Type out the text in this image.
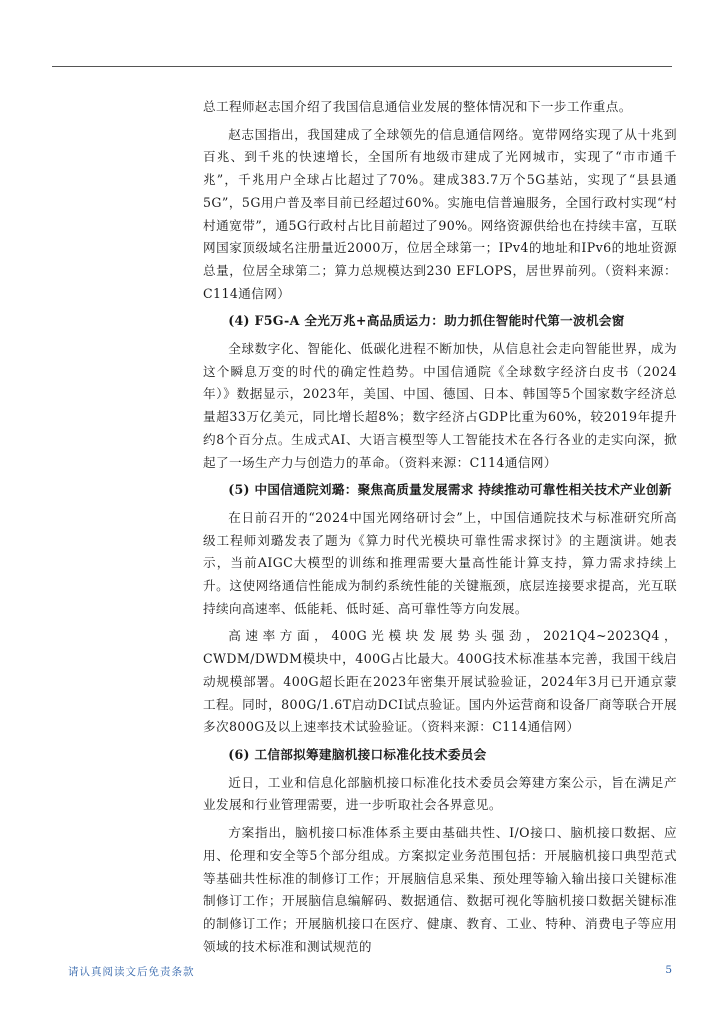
总工程师赵志国介绍了我国信息通信业发展的整体情况和下一步工作重点。

赵志国指出，我国建成了全球领先的信息通信网络。宽带网络实现了从十兆到百兆、到千兆的快速增长，全国所有地级市建成了光网城市，实现了“市市通千兆”，千兆用户全球占比超过了70%。建成383.7万个5G基站，实现了“县县通5G”，5G用户普及率目前已经超过60%。实施电信普遍服务，全国行政村实现“村村通宽带”，通5G行政村占比目前超过了90%。网络资源供给也在持续丰富，互联网国家顶级域名注册量近2000万，位居全球第一；IPv4的地址和IPv6的地址资源总量，位居全球第二；算力总规模达到230 EFLOPS，居世界前列。（资料来源：C114通信网）

(4) F5G-A 全光万兆+高品质运力：助力抓住智能时代第一波机会窗

全球数字化、智能化、低碳化进程不断加快，从信息社会走向智能世界，成为这个瞬息万变的时代的确定性趋势。中国信通院《全球数字经济白皮书（2024年）》数据显示，2023年，美国、中国、德国、日本、韩国等5个国家数字经济总量超33万亿美元，同比增长超8%；数字经济占GDP比重为60%，较2019年提升约8个百分点。生成式AI、大语言模型等人工智能技术在各行各业的走实向深，掀起了一场生产力与创造力的革命。（资料来源：C114通信网）

(5) 中国信通院刘璐：聚焦高质量发展需求 持续推动可靠性相关技术产业创新

在日前召开的“2024中国光网络研讨会”上，中国信通院技术与标准研究所高级工程师刘璐发表了题为《算力时代光模块可靠性需求探讨》的主题演讲。她表示，当前AIGC大模型的训练和推理需要大量高性能计算支持，算力需求持续上升。这使网络通信性能成为制约系统性能的关键瓶颈，底层连接要求提高，光互联持续向高速率、低能耗、低时延、高可靠性等方向发展。

高速率方面，400G光模块发展势头强劲，2021Q4~2023Q4，CWDM/DWDM模块中，400G占比最大。400G技术标准基本完善，我国干线启动规模部署。400G超长距在2023年密集开展试验验证，2024年3月已开通京蒙工程。同时，800G/1.6T启动DCI试点验证。国内外运营商和设备厂商等联合开展多次800G及以上速率技术试验验证。（资料来源：C114通信网）

(6) 工信部拟筹建脑机接口标准化技术委员会

近日，工业和信息化部脑机接口标准化技术委员会筹建方案公示，旨在满足产业发展和行业管理需要，进一步听取社会各界意见。

方案指出，脑机接口标准体系主要由基础共性、I/O接口、脑机接口数据、应用、伦理和安全等5个部分组成。方案拟定业务范围包括：开展脑机接口典型范式等基础共性标准的制修订工作；开展脑信息采集、预处理等输入输出接口关键标准制修订工作；开展脑信息编解码、数据通信、数据可视化等脑机接口数据关键标准的制修订工作；开展脑机接口在医疗、健康、教育、工业、特种、消费电子等应用领域的技术标准和测试规范的

请认真阅读文后免责条款	5
